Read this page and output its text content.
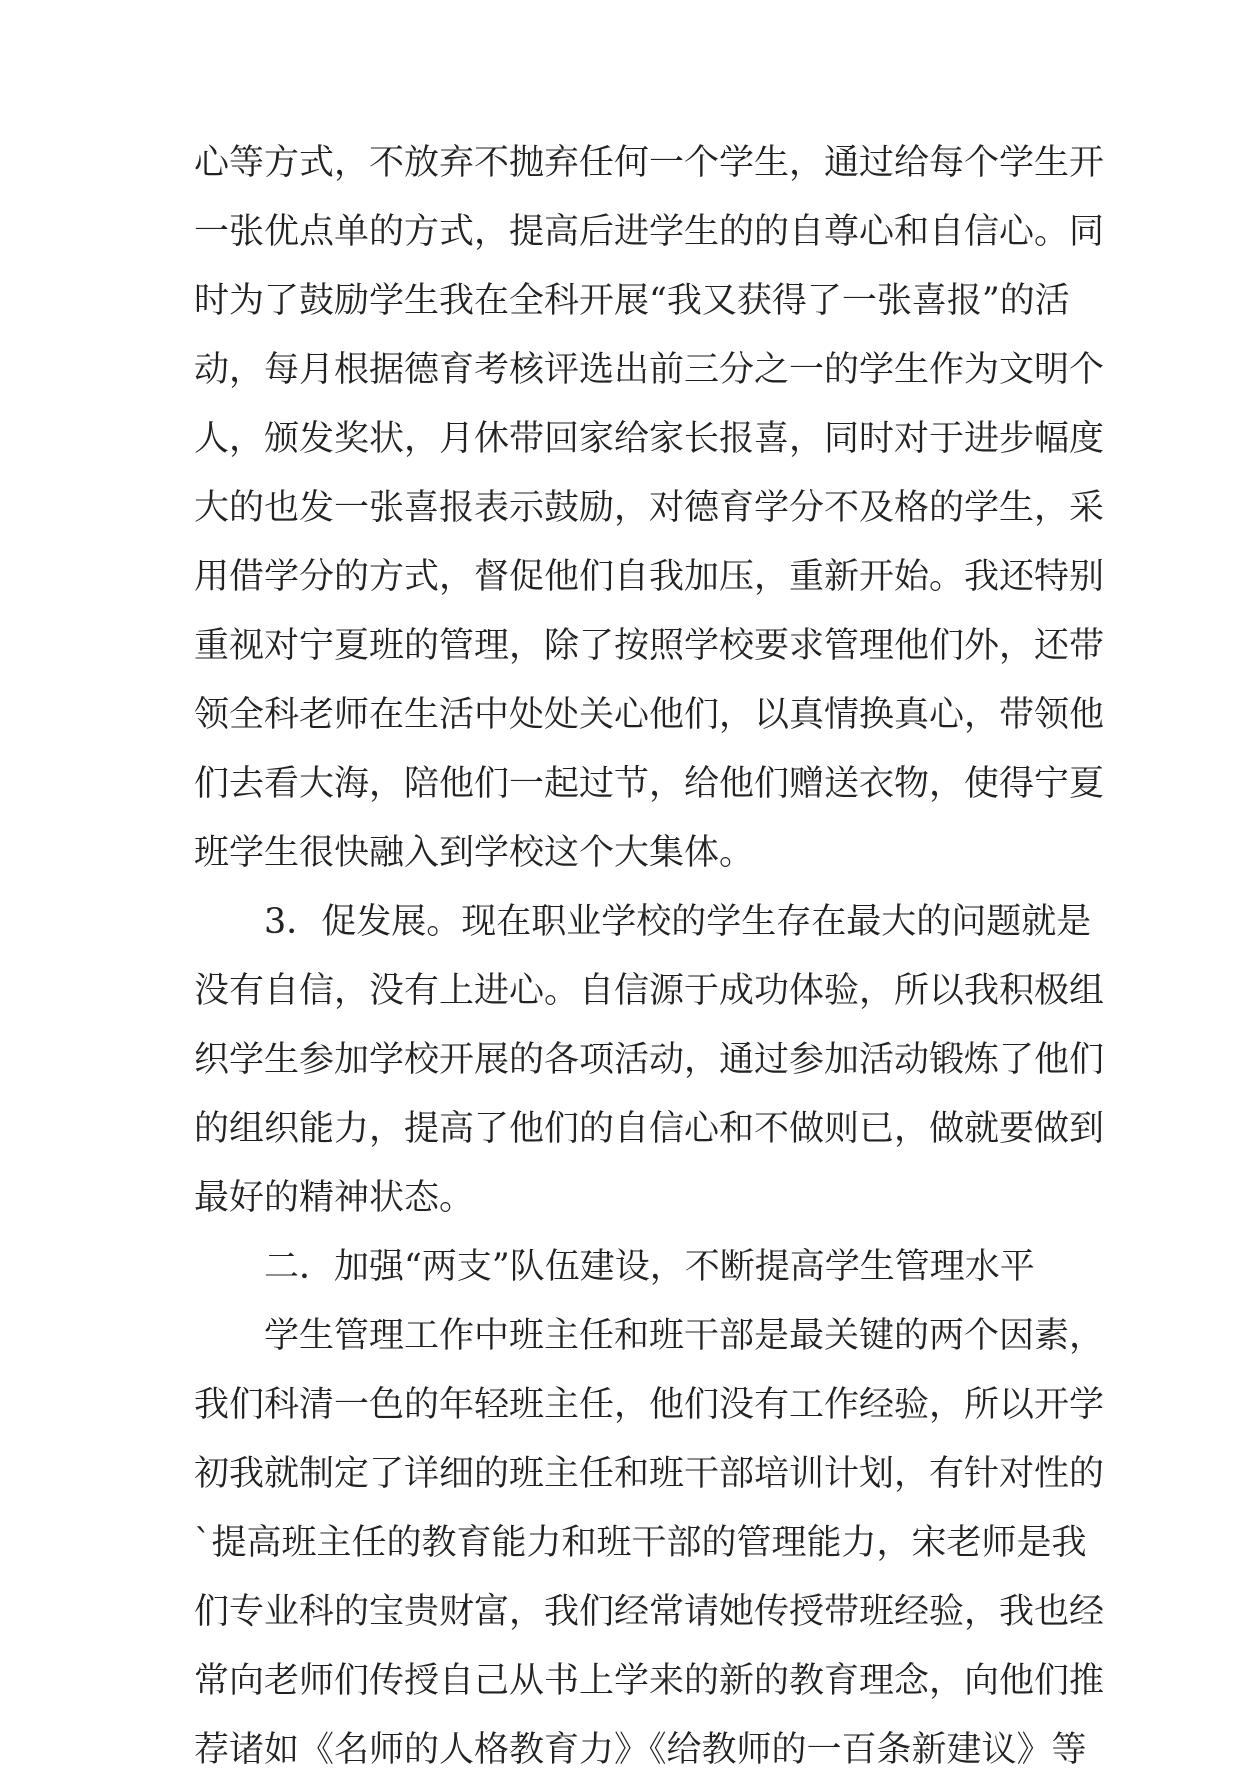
心等方式，不放弃不抛弃任何一个学生，通过给每个学生开
一张优点单的方式，提高后进学生的的自尊心和自信心。同
时为了鼓励学生我在全科开展“我又获得了一张喜报”的活
动，每月根据德育考核评选出前三分之一的学生作为文明个
人，颁发奖状，月休带回家给家长报喜，同时对于进步幅度
大的也发一张喜报表示鼓励，对德育学分不及格的学生，采
用借学分的方式，督促他们自我加压，重新开始。我还特别
重视对宁夏班的管理，除了按照学校要求管理他们外，还带
领全科老师在生活中处处关心他们，以真情换真心，带领他
们去看大海，陪他们一起过节，给他们赠送衣物，使得宁夏
班学生很快融入到学校这个大集体。
3．促发展。现在职业学校的学生存在最大的问题就是
没有自信，没有上进心。自信源于成功体验，所以我积极组
织学生参加学校开展的各项活动，通过参加活动锻炼了他们
的组织能力，提高了他们的自信心和不做则已，做就要做到
最好的精神状态。
二．加强“两支”队伍建设，不断提高学生管理水平
学生管理工作中班主任和班干部是最关键的两个因素，
我们科清一色的年轻班主任，他们没有工作经验，所以开学
初我就制定了详细的班主任和班干部培训计划，有针对性的
`提高班主任的教育能力和班干部的管理能力，宋老师是我
们专业科的宝贵财富，我们经常请她传授带班经验，我也经
常向老师们传授自己从书上学来的新的教育理念，向他们推
荐诸如《名师的人格教育力》《给教师的一百条新建议》等
